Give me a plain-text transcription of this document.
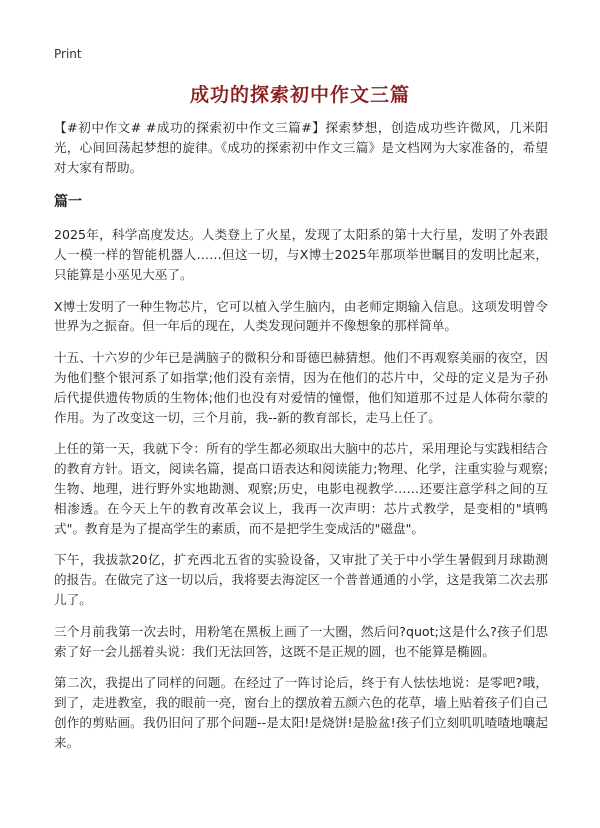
Print
成功的探索初中作文三篇

【#初中作文# #成功的探索初中作文三篇#】探索梦想，创造成功些许微风，几米阳光，心间回荡起梦想的旋律。《成功的探索初中作文三篇》是文档网为大家准备的，希望对大家有帮助。

篇一

2025年，科学高度发达。人类登上了火星，发现了太阳系的第十大行星，发明了外表跟人一模一样的智能机器人……但这一切，与X博士2025年那项举世瞩目的发明比起来，只能算是小巫见大巫了。

X博士发明了一种生物芯片，它可以植入学生脑内，由老师定期输入信息。这项发明曾令世界为之振奋。但一年后的现在，人类发现问题并不像想象的那样简单。

十五、十六岁的少年已是满脑子的微积分和哥德巴赫猜想。他们不再观察美丽的夜空，因为他们整个银河系了如指掌;他们没有亲情，因为在他们的芯片中，父母的定义是为子孙后代提供遗传物质的生物体;他们也没有对爱情的憧憬，他们知道那不过是人体荷尔蒙的作用。为了改变这一切，三个月前，我--新的教育部长，走马上任了。

上任的第一天，我就下令：所有的学生都必须取出大脑中的芯片，采用理论与实践相结合的教育方针。语文，阅读名篇，提高口语表达和阅读能力;物理、化学，注重实验与观察;生物、地理，进行野外实地勘测、观察;历史，电影电视教学……还要注意学科之间的互相渗透。在今天上午的教育改革会议上，我再一次声明：芯片式教学，是变相的"填鸭式"。教育是为了提高学生的素质，而不是把学生变成活的"磁盘"。

下午，我拔款20亿，扩充西北五省的实验设备，又审批了关于中小学生暑假到月球勘测的报告。在做完了这一切以后，我将要去海淀区一个普普通通的小学，这是我第二次去那儿了。

三个月前我第一次去时，用粉笔在黑板上画了一大圈，然后问?quot;这是什么?孩子们思索了好一会儿摇着头说：我们无法回答，这既不是正规的圆，也不能算是椭圆。

第二次，我提出了同样的问题。在经过了一阵讨论后，终于有人怯怯地说：是零吧?哦，到了，走进教室，我的眼前一亮，窗台上的摆放着五颜六色的花草，墙上贴着孩子们自己创作的剪贴画。我仍旧问了那个问题--是太阳!是烧饼!是脸盆!孩子们立刻叽叽喳喳地嚷起来。
